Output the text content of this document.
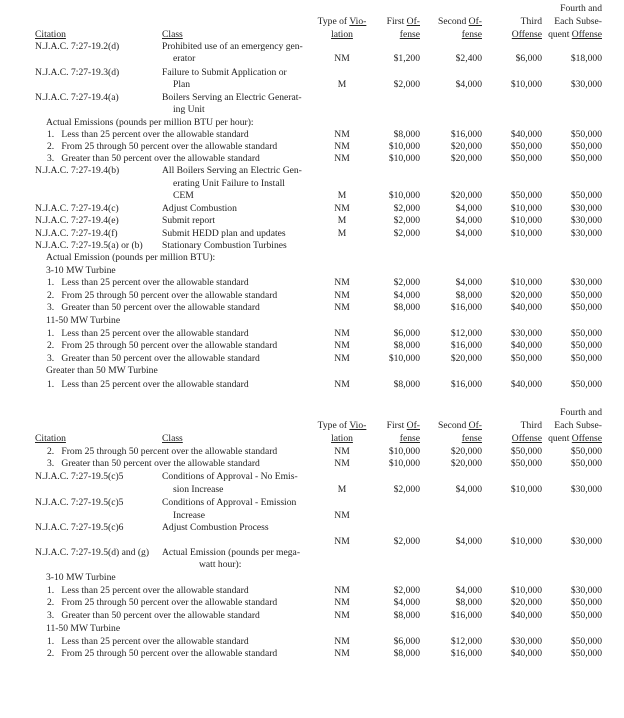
Citation	Class
Type of Vio-
lation
First Of-
fense
Second Of-
fense
Third
Offense
Fourth and
Each Subse-
quent Offense
N.J.A.C. 7:27-19.2(d)	Prohibited use of an emergency gen-
erator	NM	$1,200	$2,400	$6,000	$18,000
N.J.A.C. 7:27-19.3(d)	Failure to Submit Application or
Plan	M	$2,000	$4,000	$10,000	$30,000
N.J.A.C. 7:27-19.4(a)	Boilers Serving an Electric Generat-
ing Unit
Actual Emissions (pounds per million BTU per hour):
1.   Less than 25 percent over the allowable standard	NM	$8,000	$16,000	$40,000	$50,000
2.   From 25 through 50 percent over the allowable standard	NM	$10,000	$20,000	$50,000	$50,000
3.   Greater than 50 percent over the allowable standard	NM	$10,000	$20,000	$50,000	$50,000
N.J.A.C. 7:27-19.4(b)	All Boilers Serving an Electric Gen-
erating Unit Failure to Install
CEM	M	$10,000	$20,000	$50,000	$50,000
N.J.A.C. 7:27-19.4(c)	Adjust Combustion	NM	$2,000	$4,000	$10,000	$30,000
N.J.A.C. 7:27-19.4(e)	Submit report	M	$2,000	$4,000	$10,000	$30,000
N.J.A.C. 7:27-19.4(f)	Submit HEDD plan and updates	M	$2,000	$4,000	$10,000	$30,000
N.J.A.C. 7:27-19.5(a) or (b) Stationary Combustion Turbines
Actual Emission (pounds per million BTU):
3-10 MW Turbine
1.   Less than 25 percent over the allowable standard	NM	$2,000	$4,000	$10,000	$30,000
2.   From 25 through 50 percent over the allowable standard	NM	$4,000	$8,000	$20,000	$50,000
3.   Greater than 50 percent over the allowable standard	NM	$8,000	$16,000	$40,000	$50,000
11-50 MW Turbine
1.   Less than 25 percent over the allowable standard	NM	$6,000	$12,000	$30,000	$50,000
2.   From 25 through 50 percent over the allowable standard	NM	$8,000	$16,000	$40,000	$50,000
3.   Greater than 50 percent over the allowable standard	NM	$10,000	$20,000	$50,000	$50,000
Greater than 50 MW Turbine
1.   Less than 25 percent over the allowable standard	NM	$8,000	$16,000	$40,000	$50,000
Citation	Class
Type of Vio-
lation
First Of-
fense
Second Of-
fense
Third
Offense
Fourth and
Each Subse-
quent Offense
2.   From 25 through 50 percent over the allowable standard	NM	$10,000	$20,000	$50,000	$50,000
3.   Greater than 50 percent over the allowable standard	NM	$10,000	$20,000	$50,000	$50,000
N.J.A.C. 7:27-19.5(c)5	Conditions of Approval - No Emis-
sion Increase	M	$2,000	$4,000	$10,000	$30,000
N.J.A.C. 7:27-19.5(c)5	Conditions of Approval - Emission
Increase	NM
N.J.A.C. 7:27-19.5(c)6	Adjust Combustion Process
NM	$2,000	$4,000	$10,000	$30,000
N.J.A.C. 7:27-19.5(d) and (g) Actual Emission (pounds per mega-
watt hour):
3-10 MW Turbine
1.   Less than 25 percent over the allowable standard	NM	$2,000	$4,000	$10,000	$30,000
2.   From 25 through 50 percent over the allowable standard	NM	$4,000	$8,000	$20,000	$50,000
3.   Greater than 50 percent over the allowable standard	NM	$8,000	$16,000	$40,000	$50,000
11-50 MW Turbine
1.   Less than 25 percent over the allowable standard	NM	$6,000	$12,000	$30,000	$50,000
2.   From 25 through 50 percent over the allowable standard	NM	$8,000	$16,000	$40,000	$50,000
